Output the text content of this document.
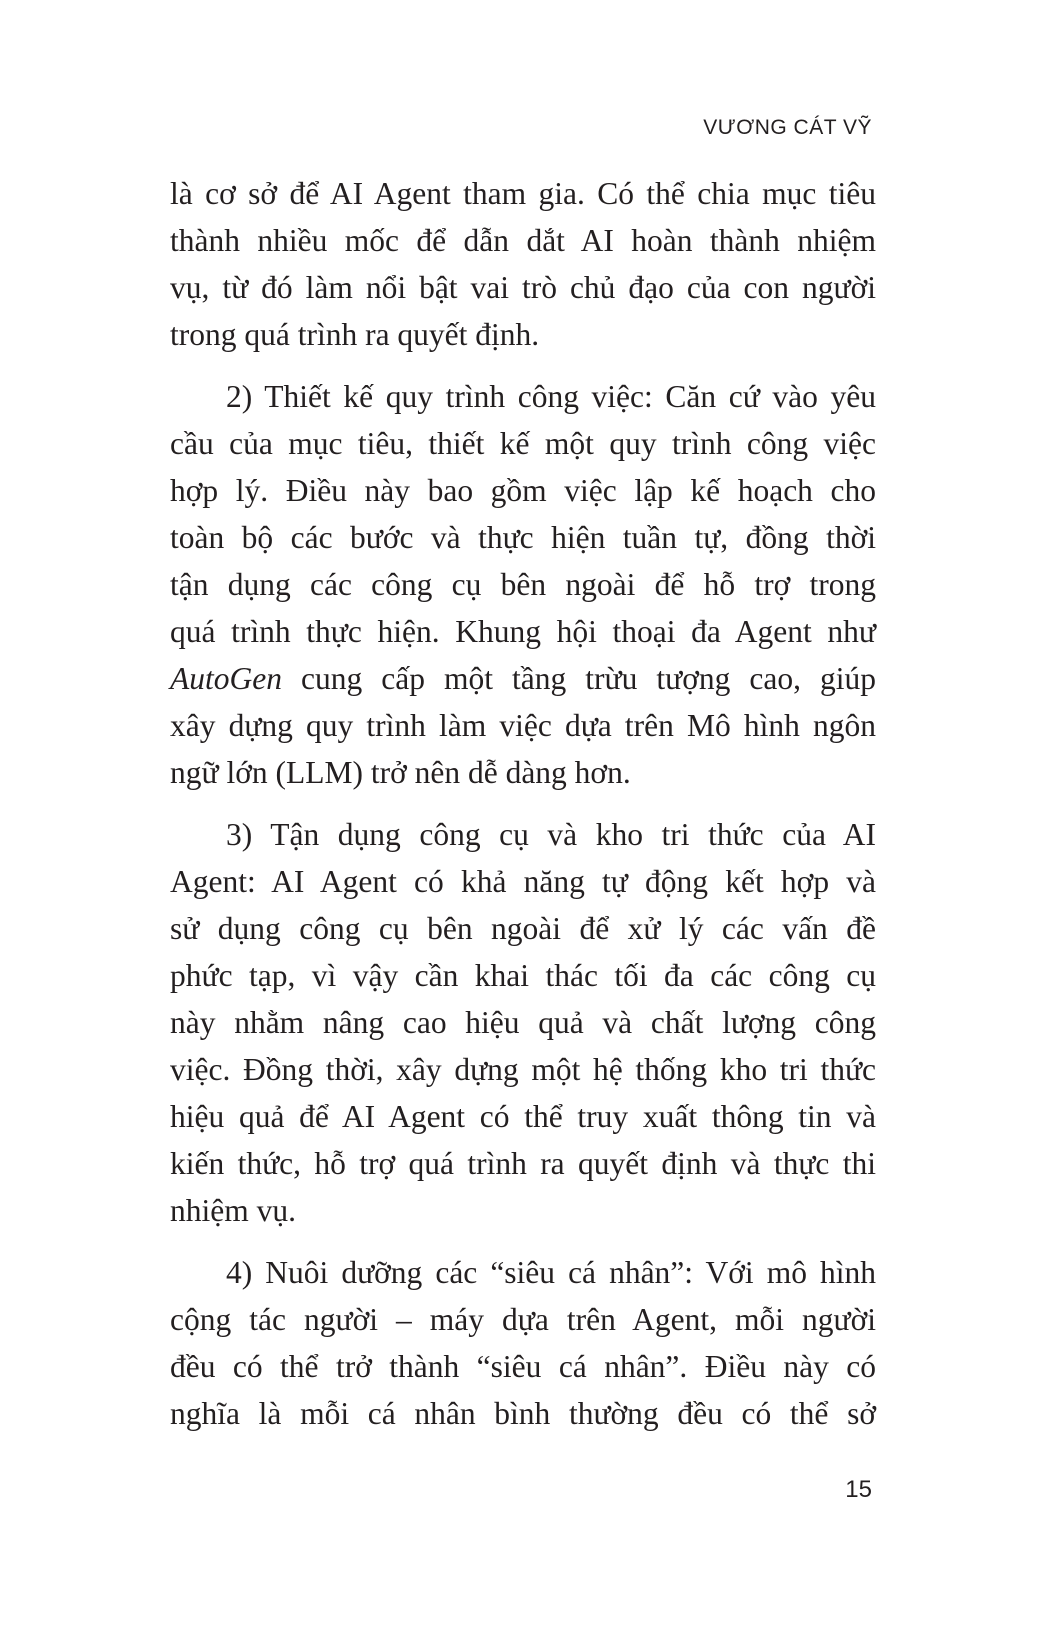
VƯƠNG CÁT VỸ
là cơ sở để AI Agent tham gia. Có thể chia mục tiêu
thành nhiều mốc để dẫn dắt AI hoàn thành nhiệm
vụ, từ đó làm nổi bật vai trò chủ đạo của con người
trong quá trình ra quyết định.
2) Thiết kế quy trình công việc: Căn cứ vào yêu
cầu của mục tiêu, thiết kế một quy trình công việc
hợp lý. Điều này bao gồm việc lập kế hoạch cho
toàn bộ các bước và thực hiện tuần tự, đồng thời
tận dụng các công cụ bên ngoài để hỗ trợ trong
quá trình thực hiện. Khung hội thoại đa Agent như
AutoGen cung cấp một tầng trừu tượng cao, giúp
xây dựng quy trình làm việc dựa trên Mô hình ngôn
ngữ lớn (LLM) trở nên dễ dàng hơn.
3) Tận dụng công cụ và kho tri thức của AI
Agent: AI Agent có khả năng tự động kết hợp và
sử dụng công cụ bên ngoài để xử lý các vấn đề
phức tạp, vì vậy cần khai thác tối đa các công cụ
này nhằm nâng cao hiệu quả và chất lượng công
việc. Đồng thời, xây dựng một hệ thống kho tri thức
hiệu quả để AI Agent có thể truy xuất thông tin và
kiến thức, hỗ trợ quá trình ra quyết định và thực thi
nhiệm vụ.
4) Nuôi dưỡng các “siêu cá nhân”: Với mô hình
cộng tác người – máy dựa trên Agent, mỗi người
đều có thể trở thành “siêu cá nhân”. Điều này có
nghĩa là mỗi cá nhân bình thường đều có thể sở
15
